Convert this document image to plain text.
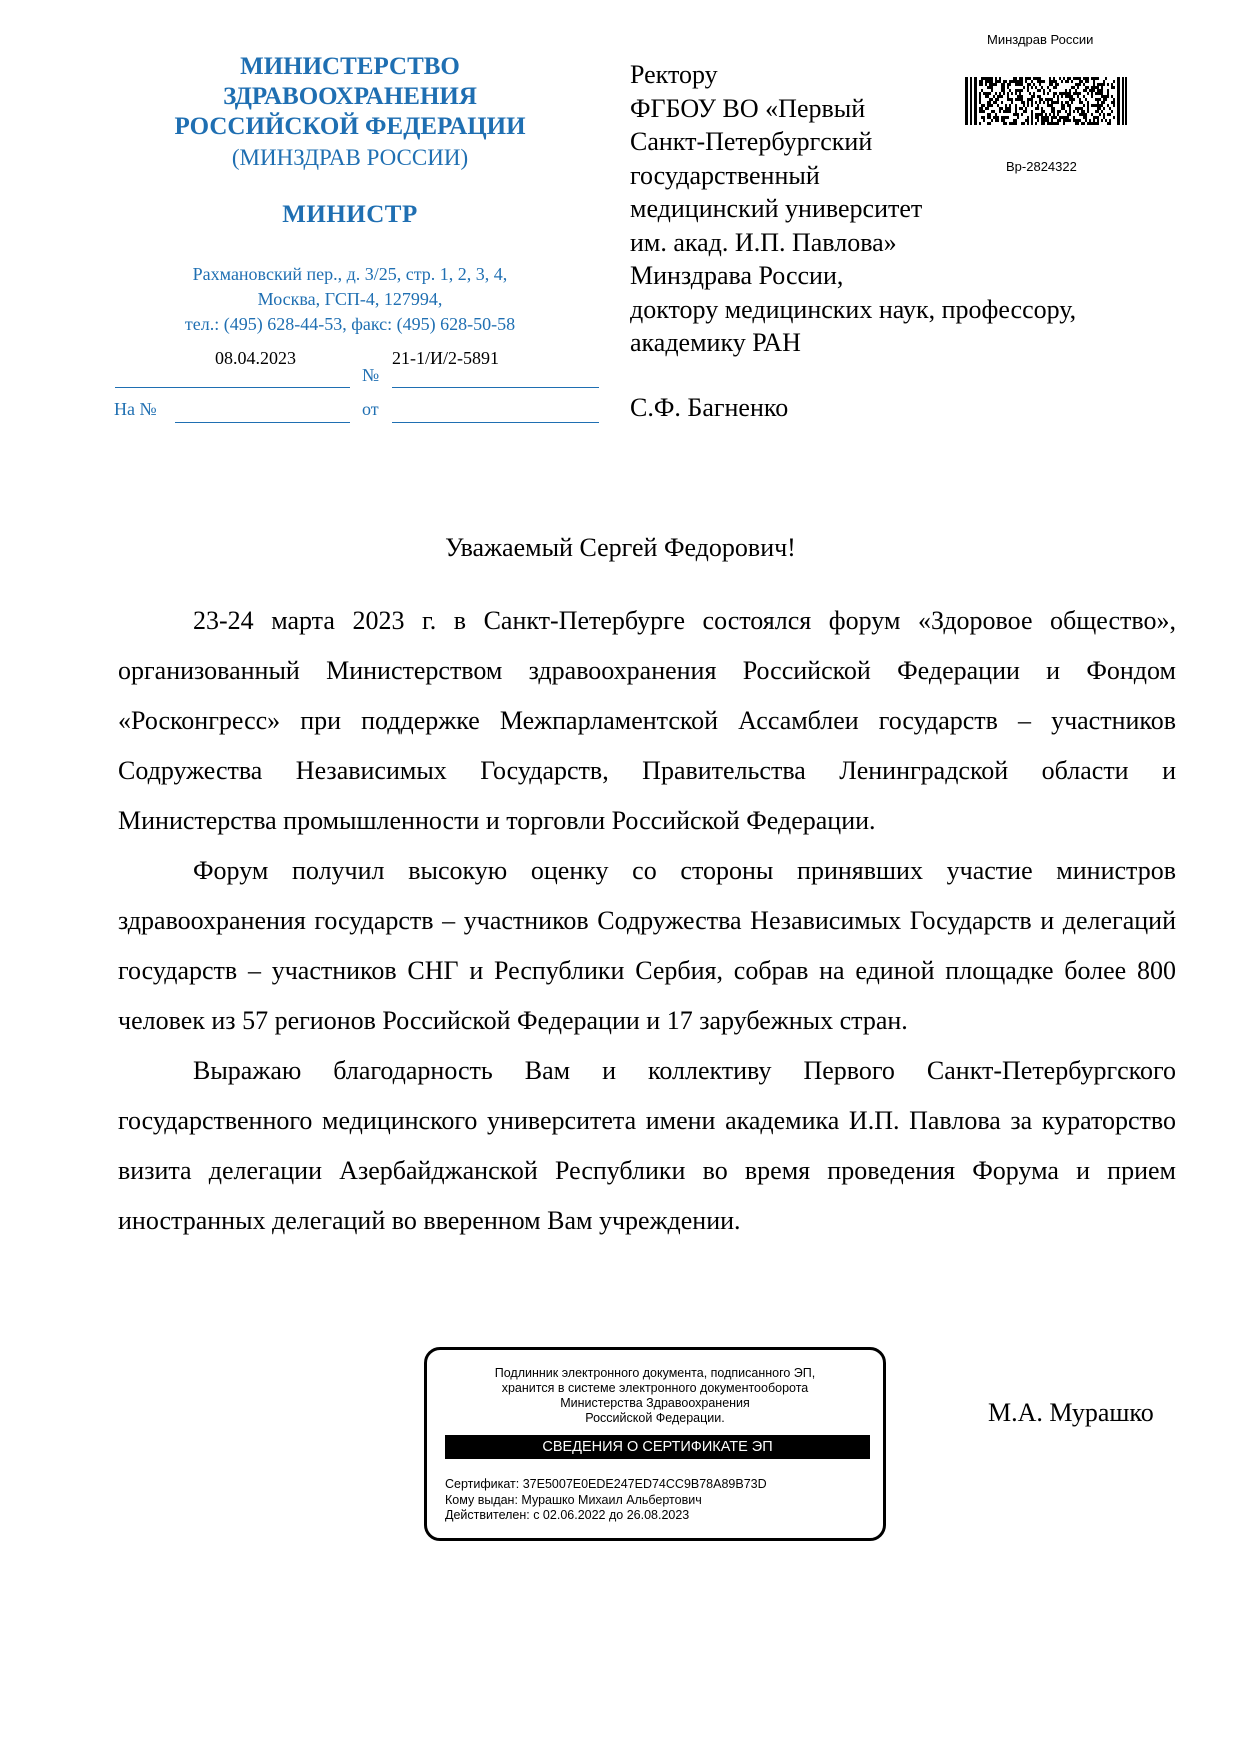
МИНИСТЕРСТВО
ЗДРАВООХРАНЕНИЯ
РОССИЙСКОЙ ФЕДЕРАЦИИ
(МИНЗДРАВ РОССИИ)
МИНИСТР
Рахмановский пер., д. 3/25, стр. 1, 2, 3, 4,
Москва, ГСП-4, 127994,
тел.: (495) 628-44-53, факс: (495) 628-50-58
08.04.2023	21-1/И/2-5891
№
На №	от
Минздрав России
Вр-2824322
Ректору
ФГБОУ ВО «Первый
Санкт-Петербургский
государственный
медицинский университет
им. акад. И.П. Павлова»
Минздрава России,
доктору медицинских наук, профессору,
академику РАН
С.Ф. Багненко
Уважаемый Сергей Федорович!

23-24 марта 2023 г. в Санкт-Петербурге состоялся форум «Здоровое общество», организованный Министерством здравоохранения Российской Федерации и Фондом «Росконгресс» при поддержке Межпарламентской Ассамблеи государств – участников Содружества Независимых Государств, Правительства Ленинградской области и Министерства промышленности и торговли Российской Федерации.

Форум получил высокую оценку со стороны принявших участие министров здравоохранения государств – участников Содружества Независимых Государств и делегаций государств – участников СНГ и Республики Сербия, собрав на единой площадке более 800 человек из 57 регионов Российской Федерации и 17 зарубежных стран.

Выражаю благодарность Вам и коллективу Первого Санкт-Петербургского государственного медицинского университета имени академика И.П. Павлова за кураторство визита делегации Азербайджанской Республики во время проведения Форума и прием иностранных делегаций во вверенном Вам учреждении.

Подлинник электронного документа, подписанного ЭП,
хранится в системе электронного документооборота
Министерства Здравоохранения
Российской Федерации.
СВЕДЕНИЯ О СЕРТИФИКАТЕ ЭП
Сертификат: 37E5007E0EDE247ED74CC9B78A89B73D
Кому выдан: Мурашко Михаил Альбертович
Действителен: с 02.06.2022 до 26.08.2023
М.А. Мурашко
